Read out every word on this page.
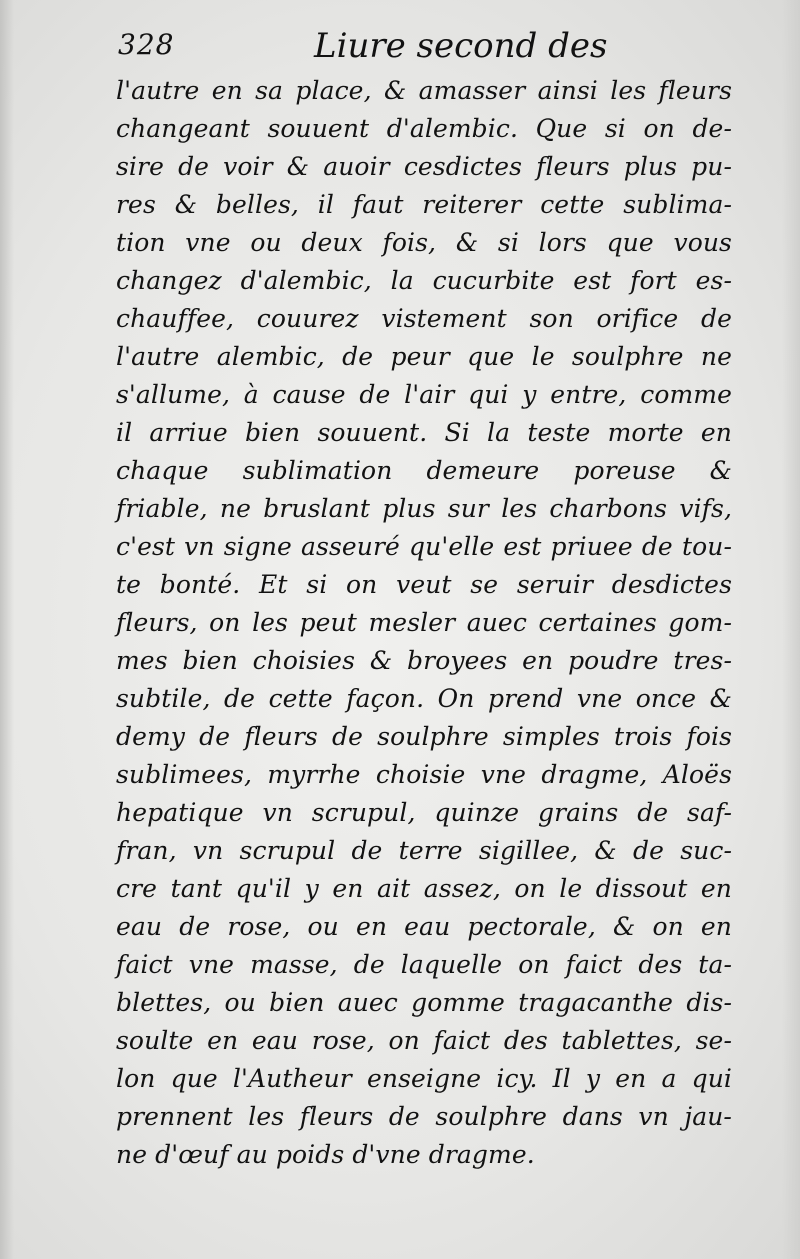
328	Liure second des
l'autre en sa place, & amasser ainsi les fleurs
changeant souuent d'alembic. Que si on de-
sire de voir & auoir cesdictes fleurs plus pu-
res & belles, il faut reiterer cette sublima-
tion vne ou deux fois, & si lors que vous
changez d'alembic, la cucurbite est fort es-
chauffee, couurez vistement son orifice de
l'autre alembic, de peur que le soulphre ne
s'allume, à cause de l'air qui y entre, comme
il arriue bien souuent. Si la teste morte en
chaque sublimation demeure poreuse &
friable, ne bruslant plus sur les charbons vifs,
c'est vn signe asseuré qu'elle est priuee de tou-
te bonté. Et si on veut se seruir desdictes
fleurs, on les peut mesler auec certaines gom-
mes bien choisies & broyees en poudre tres-
subtile, de cette façon. On prend vne once &
demy de fleurs de soulphre simples trois fois
sublimees, myrrhe choisie vne dragme, Aloës
hepatique vn scrupul, quinze grains de saf-
fran, vn scrupul de terre sigillee, & de suc-
cre tant qu'il y en ait assez, on le dissout en
eau de rose, ou en eau pectorale, & on en
faict vne masse, de laquelle on faict des ta-
blettes, ou bien auec gomme tragacanthe dis-
soulte en eau rose, on faict des tablettes, se-
lon que l'Autheur enseigne icy. Il y en a qui
prennent les fleurs de soulphre dans vn jau-
ne d'œuf au poids d'vne dragme.
